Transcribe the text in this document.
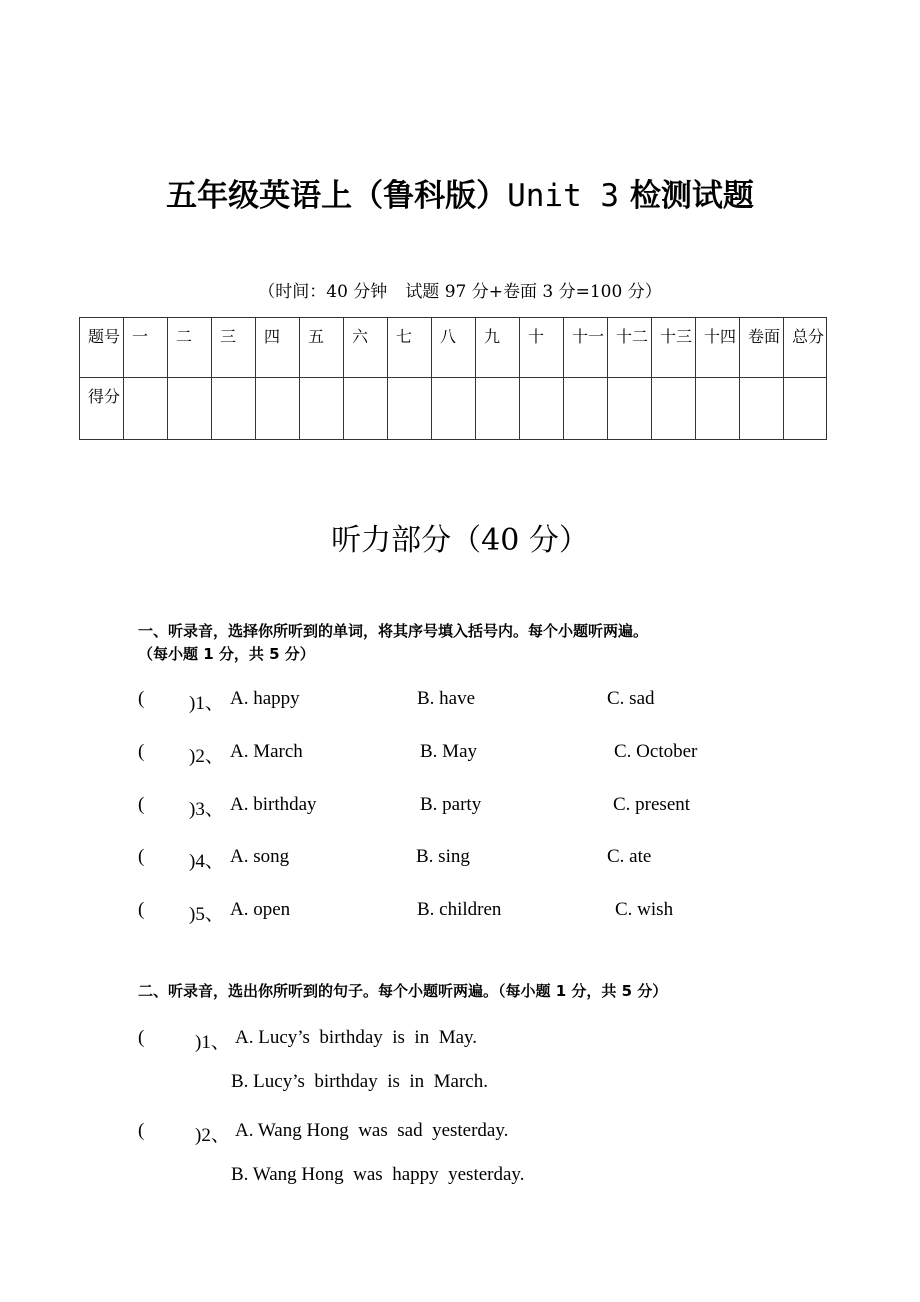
五年级英语上（鲁科版）Unit 3 检测试题
（时间：40 分钟 试题 97 分+卷面 3 分=100 分）
题号	一	二	三	四	五	六	七	八	九	十	十一	十二	十三	十四	卷面	总分
得分																
听力部分（40 分）
一、听录音，选择你所听到的单词，将其序号填入括号内。每个小题听两遍。
（每小题 1 分，共 5 分）
( )1、 A. happy	B. have	C. sad
( )2、 A. March	B. May	C. October
( )3、 A. birthday	B. party	C. present
( )4、 A. song	B. sing	C. ate
( )5、 A. open	B. children	C. wish
二、听录音，选出你所听到的句子。每个小题听两遍。（每小题 1 分，共 5 分）
(	)1、 A. Lucy’s  birthday  is  in  May.
B. Lucy’s  birthday  is  in  March.
(	)2、 A. Wang Hong  was  sad  yesterday.
B. Wang Hong  was  happy  yesterday.
